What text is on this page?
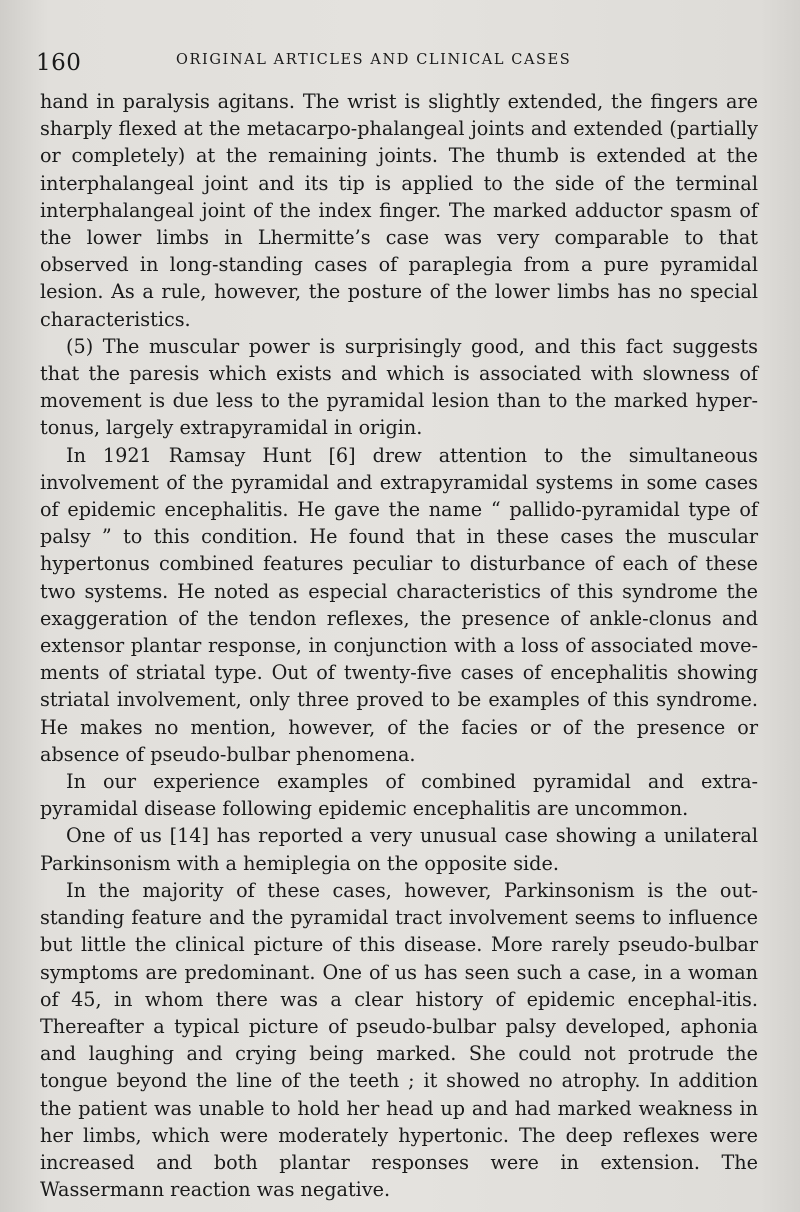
160	ORIGINAL ARTICLES AND CLINICAL CASES

hand in paralysis agitans. The wrist is slightly extended, the fingers are sharply flexed at the metacarpo-phalangeal joints and extended (partially or completely) at the remaining joints. The thumb is extended at the interphalangeal joint and its tip is applied to the side of the terminal interphalangeal joint of the index finger. The marked adductor spasm of the lower limbs in Lhermitte’s case was very comparable to that observed in long-standing cases of paraplegia from a pure pyramidal lesion. As a rule, however, the posture of the lower limbs has no special characteristics.

(5) The muscular power is surprisingly good, and this fact suggests that the paresis which exists and which is associated with slowness of movement is due less to the pyramidal lesion than to the marked hyper-tonus, largely extrapyramidal in origin.

In 1921 Ramsay Hunt [6] drew attention to the simultaneous involvement of the pyramidal and extrapyramidal systems in some cases of epidemic encephalitis. He gave the name “ pallido-pyramidal type of palsy ” to this condition. He found that in these cases the muscular hypertonus combined features peculiar to disturbance of each of these two systems. He noted as especial characteristics of this syndrome the exaggeration of the tendon reflexes, the presence of ankle-clonus and extensor plantar response, in conjunction with a loss of associated move-ments of striatal type. Out of twenty-five cases of encephalitis showing striatal involvement, only three proved to be examples of this syndrome. He makes no mention, however, of the facies or of the presence or absence of pseudo-bulbar phenomena.

In our experience examples of combined pyramidal and extra-pyramidal disease following epidemic encephalitis are uncommon.

One of us [14] has reported a very unusual case showing a unilateral Parkinsonism with a hemiplegia on the opposite side.

In the majority of these cases, however, Parkinsonism is the out-standing feature and the pyramidal tract involvement seems to influence but little the clinical picture of this disease. More rarely pseudo-bulbar symptoms are predominant. One of us has seen such a case, in a woman of 45, in whom there was a clear history of epidemic encephal-itis. Thereafter a typical picture of pseudo-bulbar palsy developed, aphonia and laughing and crying being marked. She could not protrude the tongue beyond the line of the teeth ; it showed no atrophy. In addition the patient was unable to hold her head up and had marked weakness in her limbs, which were moderately hypertonic. The deep reflexes were increased and both plantar responses were in extension. The Wassermann reaction was negative.
